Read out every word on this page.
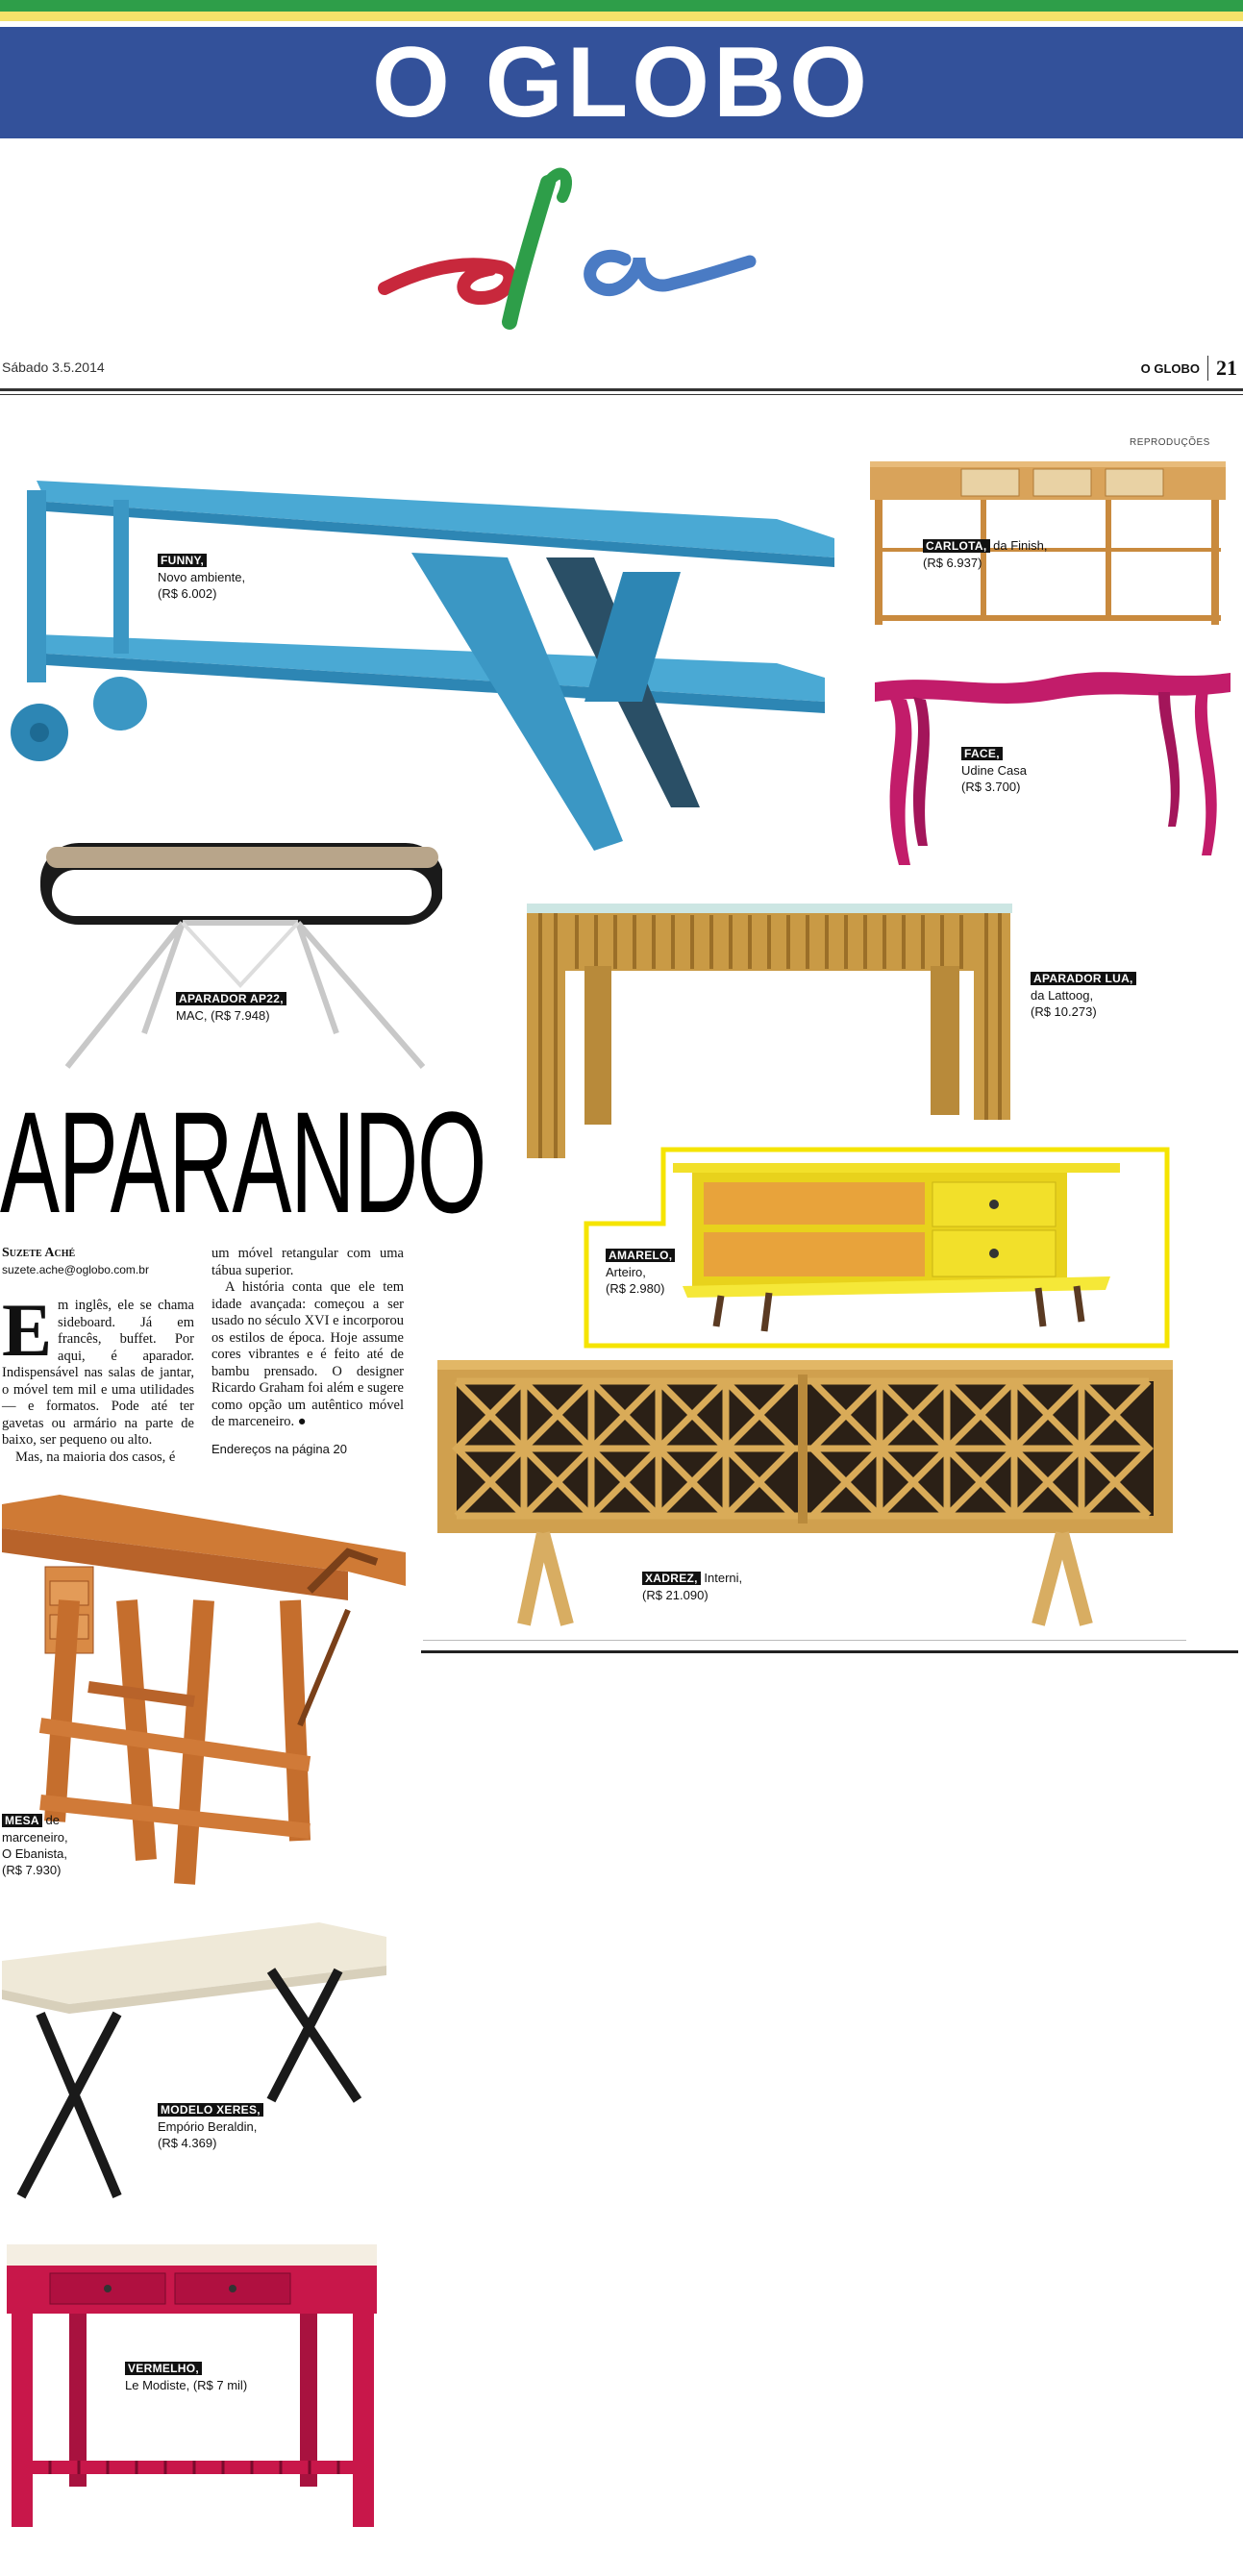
O GLOBO
ela
Sábado 3.5.2014	O GLOBO 21
REPRODUÇÕES
FUNNY,
Novo ambiente,
(R$ 6.002)
CARLOTA, da Finish,
(R$ 6.937)
FACE,
Udine Casa
(R$ 3.700)
APARADOR AP22,
MAC, (R$ 7.948)
APARADOR LUA,
da Lattoog,
(R$ 10.273)
APARANDO
Suzete Aché
suzete.ache@oglobo.com.br
E m inglês, ele se chama sideboard. Já em francês, buffet. Por aqui, é aparador. Indispensável nas salas de jantar, o móvel tem mil e uma utilidades — e formatos. Pode até ter gavetas ou armário na parte de baixo, ser pequeno ou alto.
Mas, na maioria dos casos, é
um móvel retangular com uma tábua superior.
A história conta que ele tem idade avançada: começou a ser usado no século XVI e incorporou os estilos de época. Hoje assume cores vibrantes e é feito até de bambu prensado. O designer Ricardo Graham foi além e sugere como opção um autêntico móvel de marceneiro. ●
Endereços na página 20
AMARELO,
Arteiro,
(R$ 2.980)
XADREZ, Interni,
(R$ 21.090)
MESA de
marceneiro,
O Ebanista,
(R$ 7.930)
MODELO XERES,
Empório Beraldin,
(R$ 4.369)
VERMELHO,
Le Modiste, (R$ 7 mil)
